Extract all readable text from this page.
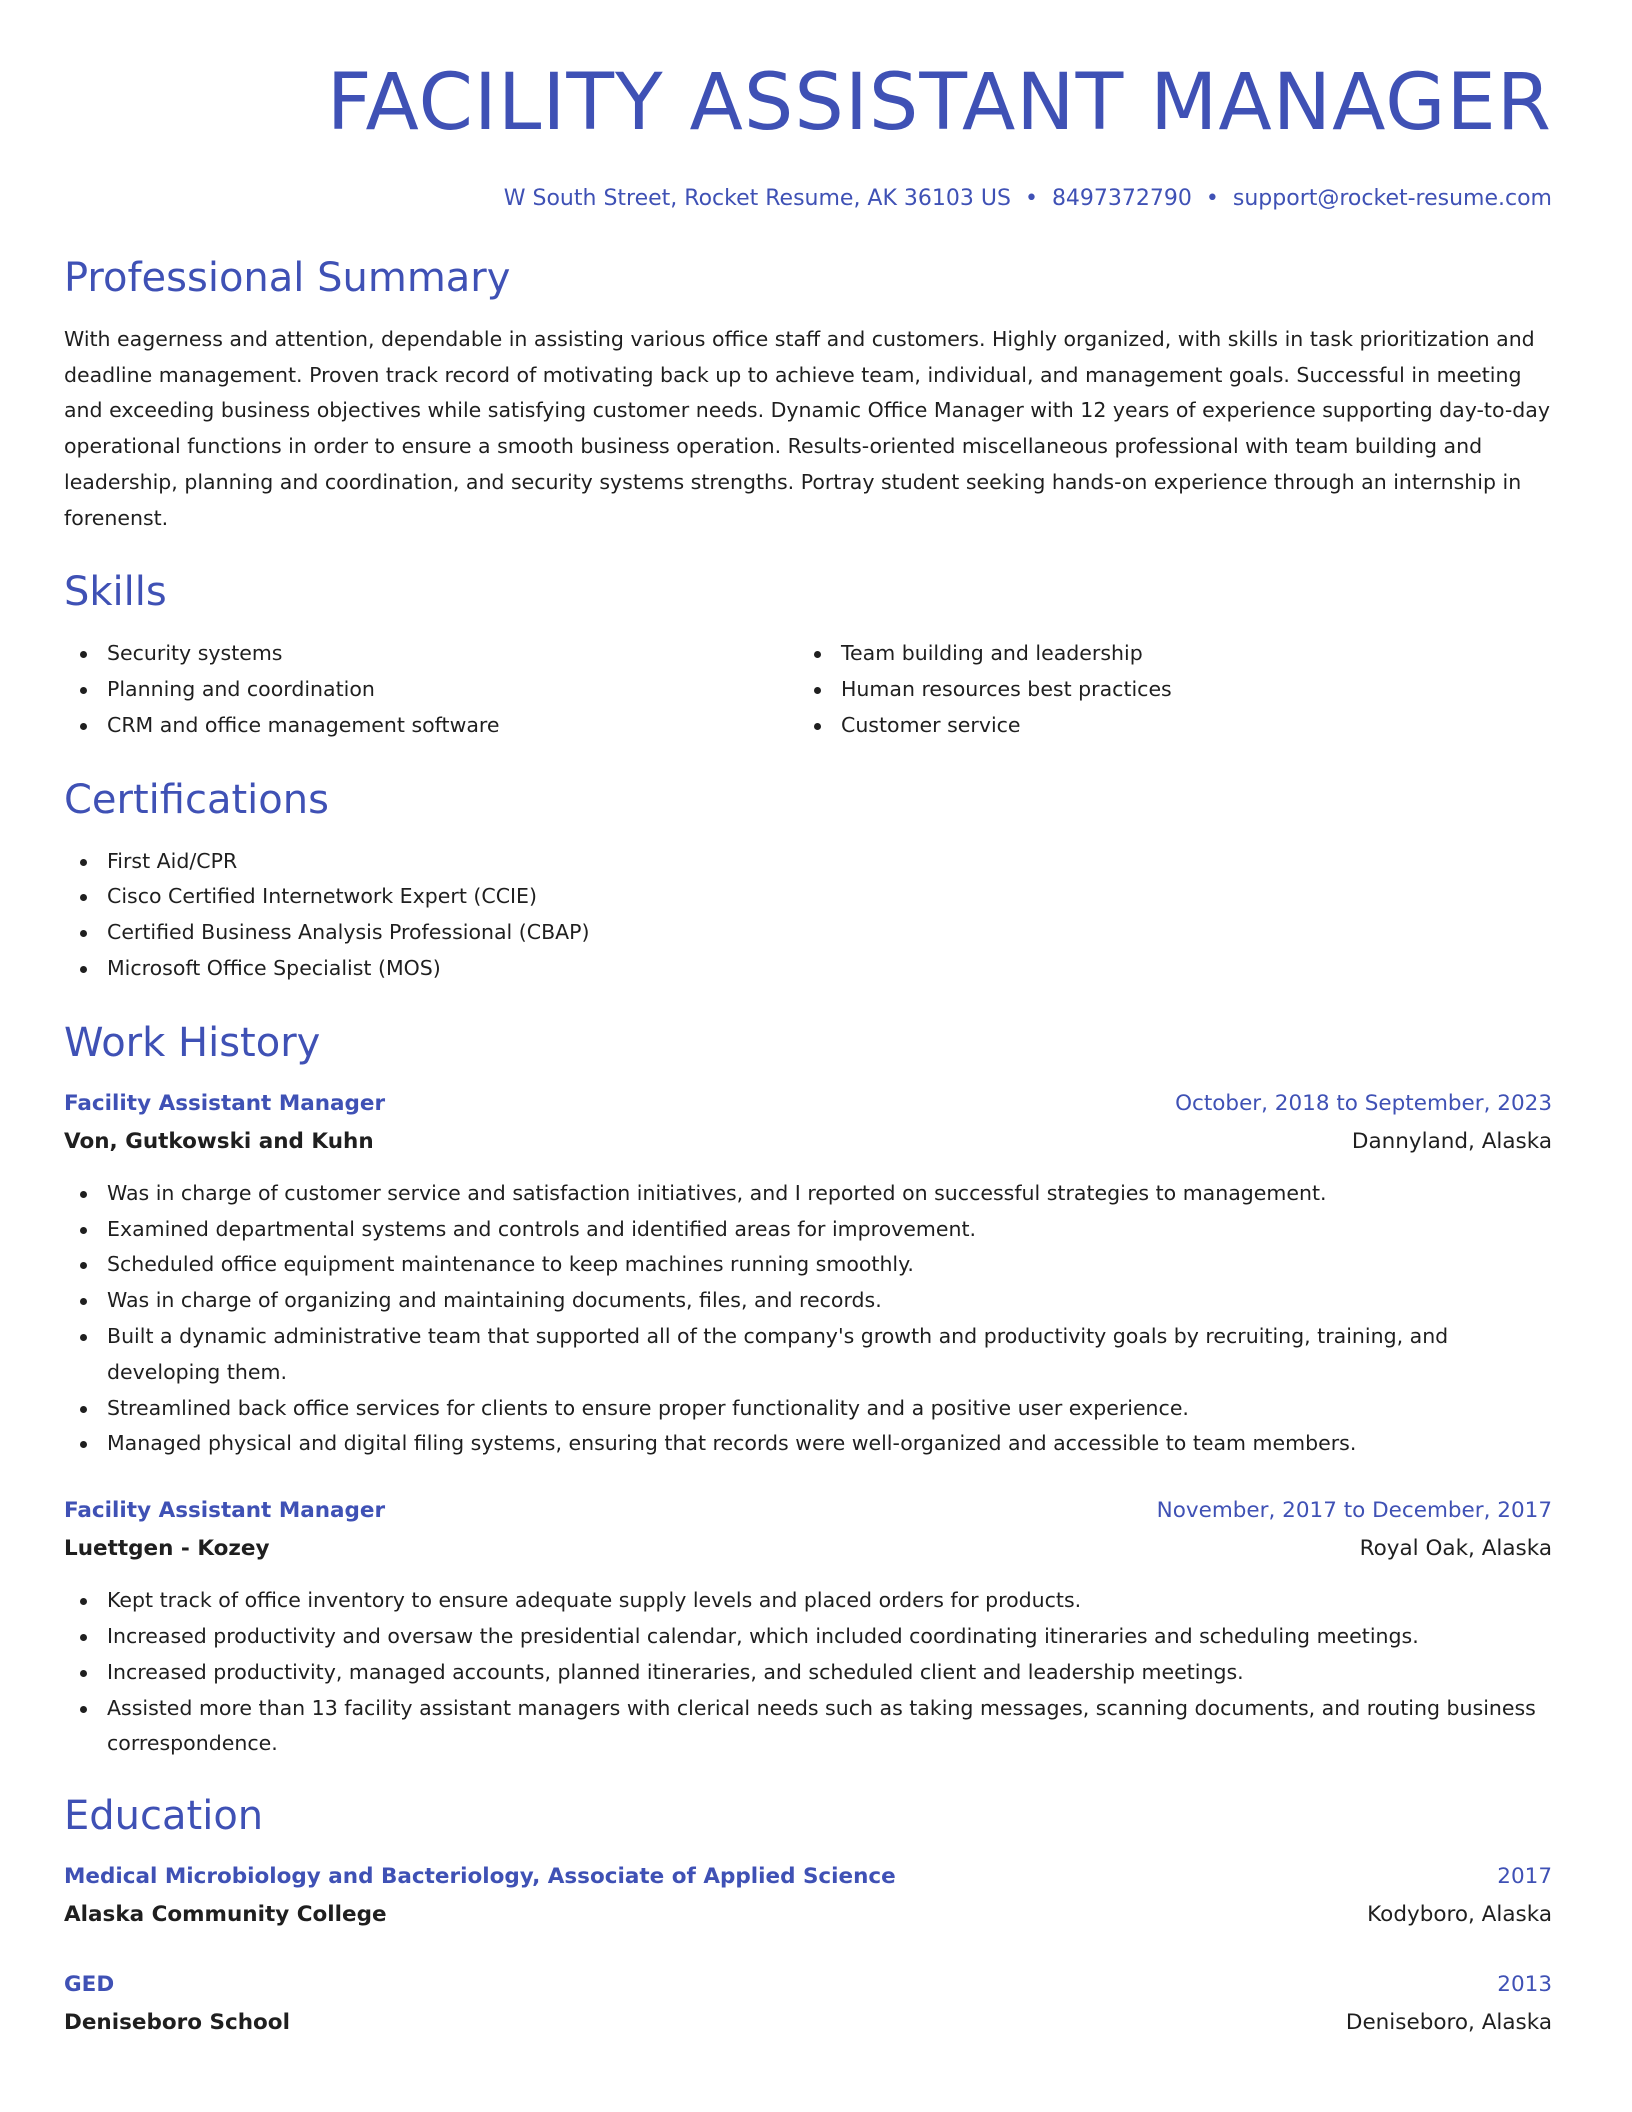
FACILITY ASSISTANT MANAGER
W South Street, Rocket Resume, AK 36103 US • 8497372790 • support@rocket-resume.com
Professional Summary

With eagerness and attention, dependable in assisting various office staff and customers. Highly organized, with skills in task prioritization and deadline management. Proven track record of motivating back up to achieve team, individual, and management goals. Successful in meeting and exceeding business objectives while satisfying customer needs. Dynamic Office Manager with 12 years of experience supporting day-to-day operational functions in order to ensure a smooth business operation. Results-oriented miscellaneous professional with team building and leadership, planning and coordination, and security systems strengths. Portray student seeking hands-on experience through an internship in forenenst.

Skills
Security systems
Planning and coordination
CRM and office management software
Team building and leadership
Human resources best practices
Customer service
Certifications
First Aid/CPR
Cisco Certified Internetwork Expert (CCIE)
Certified Business Analysis Professional (CBAP)
Microsoft Office Specialist (MOS)
Work History
Facility Assistant Manager	October, 2018 to September, 2023
Von, Gutkowski and Kuhn	Dannyland, Alaska
Was in charge of customer service and satisfaction initiatives, and I reported on successful strategies to management.
Examined departmental systems and controls and identified areas for improvement.
Scheduled office equipment maintenance to keep machines running smoothly.
Was in charge of organizing and maintaining documents, files, and records.
Built a dynamic administrative team that supported all of the company's growth and productivity goals by recruiting, training, and developing them.
Streamlined back office services for clients to ensure proper functionality and a positive user experience.
Managed physical and digital filing systems, ensuring that records were well-organized and accessible to team members.
Facility Assistant Manager	November, 2017 to December, 2017
Luettgen - Kozey	Royal Oak, Alaska
Kept track of office inventory to ensure adequate supply levels and placed orders for products.
Increased productivity and oversaw the presidential calendar, which included coordinating itineraries and scheduling meetings.
Increased productivity, managed accounts, planned itineraries, and scheduled client and leadership meetings.
Assisted more than 13 facility assistant managers with clerical needs such as taking messages, scanning documents, and routing business correspondence.
Education
Medical Microbiology and Bacteriology, Associate of Applied Science	2017
Alaska Community College	Kodyboro, Alaska
GED	2013
Deniseboro School	Deniseboro, Alaska
